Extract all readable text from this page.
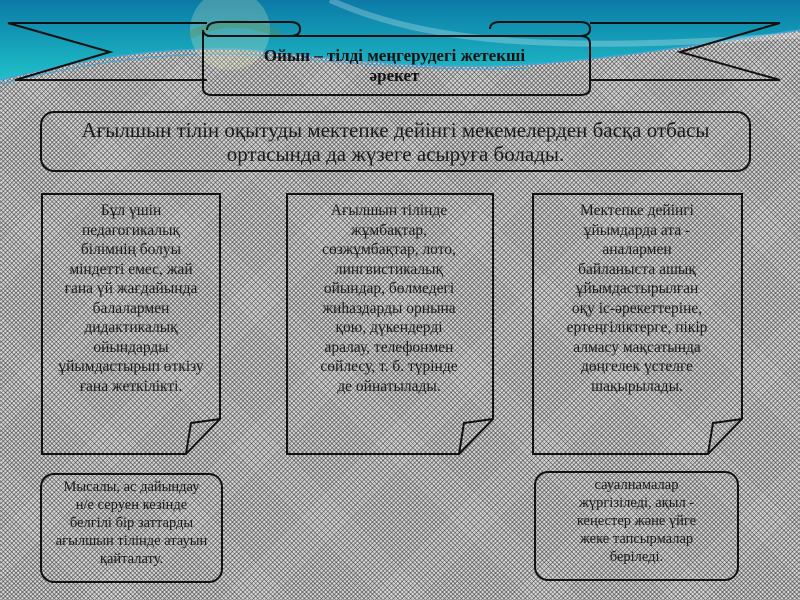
Ойын – тілді меңгерудегі жетекші
әрекет
Ағылшын тілін оқытуды мектепке дейінгі мекемелерден басқа отбасы
ортасында да жүзеге асыруға болады.
Бұл үшін
педагогикалық
білімнің болуы
міндетті емес, жай
ғана үй жағдайында
балалармен
дидактикалық
ойындарды
ұйымдастырып өткізу
ғана жеткілікті.
Ағылшын тілінде
жұмбақтар,
сөзжұмбақтар, лото,
лингвистикалық
ойындар, бөлмедегі
жиһаздарды орнына
қою, дүкендерді
аралау, телефонмен
сөйлесу, т. б. түрінде
де ойнатылады.
Мектепке дейінгі
ұйымдарда ата -
аналармен
байланыста ашық
ұйымдастырылған
оқу іс-әрекеттеріне,
ертеңгіліктерге, пікір
алмасу мақсатында
дөңгелек үстелге
шақырылады.
Мысалы, ас дайындау
н/е серуен кезінде
белгілі бір заттарды
ағылшын тілінде атауын
қайталату.
сауалнамалар
жүргізіледі, ақыл -
кеңестер және үйге
жеке тапсырмалар
беріледі.
